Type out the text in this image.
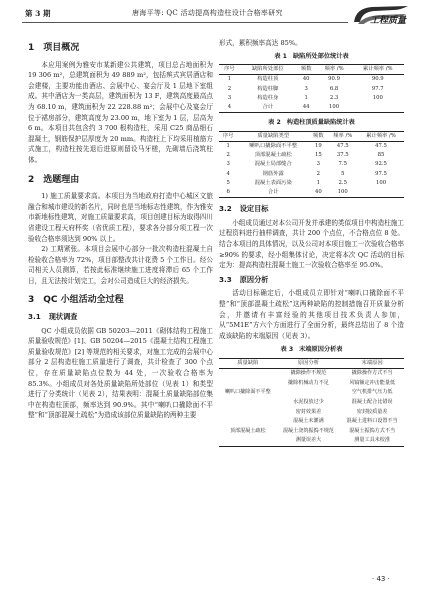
第 3 期	唐海平等: QC 活动提高构造柱设计合格率研究
工程质量
1 项目概况

本应用案例为雅安市某新建公共建筑，项目总占地面积为 19 306 m²，总建筑面积为 49 889 m²，包括殡式宾居酒店和会建楼，主要功能由酒店、会展中心、宴会厅及 1 层地下室组成。其中酒店为一类高层，建筑面积为 13 F，建筑高度最高点为 68.10 m，建筑面积为 22 228.88 m²；会展中心及宴会厅位于裙房部分，建筑高度为 23.00 m，地下室为 1 层，层高为 6 m。本项目共包含约 3 700 根构造柱，采用 C25 商品细石混凝土，钢筋保护层厚度为 20 mm。构造柱上下均采用植筋方式施工，构造柱按先退后进原则留设马牙槎，先砌墙后浇筑柱体。

2 选题理由

1) 施工质量要求高。本项目为当地政府打造中心城区文旅融合和城市建设的新名片，同时也是当地标志性建筑，作为雅安市新地标性建筑，对施工质量要求高，项目创建目标为取得四川省建设工程天府杯奖（省优质工程），要求各分部分项工程一次验收合格率须达到 90% 以上。

2) 工期紧张。本项目会展中心部分一批次构造柱混凝土自检验收合格率为 72%，项目部整改共计花费 5 个工作日。经公司相关人员测算，若按此标准继续施工进度将滞后 65 个工作日，且无法按计划完工，会对公司造成巨大的经济损失。

3 QC 小组活动全过程
3.1 现状调查

QC 小组成员依据 GB 50203—2011《砌体结构工程施工质量验收规范》[1]、GB 50204—2015《混凝土结构工程施工质量验收规范》[2] 等规范的相关要求，对施工完成的会展中心部分 2 层构造柱施工质量进行了调查，共计检查了 300 个点位，存在质量缺陷点位数为 44 处，一次验收合格率为 85.3%。小组成员对各处质量缺陷所处部位（见表 1）和类型进行了分类统计（见表 2），结果表明：混凝土质量缺陷部位集中在构造柱顶部，频率达到 90.9%。其中“喇叭口撬除面不平整”和“顶部混凝土疏松”为造成该部位质量缺陷的两种主要

形式，累积频率高达 85%。

表 1 缺陷所处部位统计表
序号	缺陷所处部位	频数	频率 /%	累计频率 /%
1	构造柱顶	40	90.9	90.9
2	构造柱脚	3	6.8	97.7
3	构造柱身	1	2.3	100
4	合计	44	100	
表 2 构造柱顶质量缺陷统计表
序号	质量缺陷类型	频数	频率 /%	累计频率 /%
1	喇叭口撬除面不平整	19	47.5	47.5
2	顶部混凝土疏松	15	37.5	85
3	混凝土局部缝合	3	7.5	92.5
4	钢筋外露	2	5	97.5
5	混凝土表面污染	1	2.5	100
6	合计	40	100	
3.2 设定目标

小组成员通过对本公司开发并承建的类似项目中构造柱施工过程资料进行抽样调查，共计 200 个点位，不合格点位 8 处。结合本项目的具体情况，以及公司对本项目施工一次验收合格率≥90% 的要求，经小组集体讨论，决定将本次 QC 活动的目标定为：提高构造柱混凝土施工一次验收合格率至 95.0%。

3.3 原因分析

活动目标确定后，小组成员立即针对“喇叭口撬除面不平整”和“顶部混凝土疏松”这两种缺陷的控制措施召开质量分析会，并邀请有丰富经验的其他项目技术负责人参加，从“5M1E”方六个方面进行了全面分析，最终总结出了 8 个造成该缺陷的末端原因（见表 3）。

表 3 末端原因分析表
质量缺陷	原因分析	末端原因
喇叭口撬除面不平整	撬除操作不规范	撬除操作方式不当
	撬除机械动力不足	风镐额定冲击能量低
		空气机排气压力低
	水泥投放过少	混凝土配合比错误
	密封效果差	密封胶质量差
顶部混凝土疏松	混凝土未灌满	混凝土进料口设置不当
	混凝土浇筑振捣不规范	混凝土振捣方式不当
	测量误差大	测量工具未校准
· 43 ·
